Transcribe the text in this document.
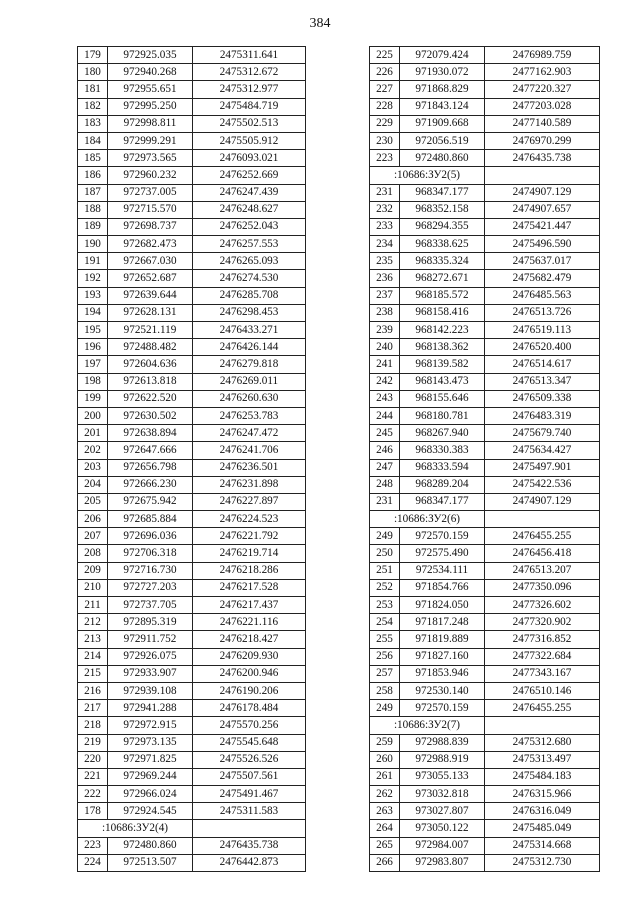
384
179	972925.035	2475311.641
180	972940.268	2475312.672
181	972955.651	2475312.977
182	972995.250	2475484.719
183	972998.811	2475502.513
184	972999.291	2475505.912
185	972973.565	2476093.021
186	972960.232	2476252.669
187	972737.005	2476247.439
188	972715.570	2476248.627
189	972698.737	2476252.043
190	972682.473	2476257.553
191	972667.030	2476265.093
192	972652.687	2476274.530
193	972639.644	2476285.708
194	972628.131	2476298.453
195	972521.119	2476433.271
196	972488.482	2476426.144
197	972604.636	2476279.818
198	972613.818	2476269.011
199	972622.520	2476260.630
200	972630.502	2476253.783
201	972638.894	2476247.472
202	972647.666	2476241.706
203	972656.798	2476236.501
204	972666.230	2476231.898
205	972675.942	2476227.897
206	972685.884	2476224.523
207	972696.036	2476221.792
208	972706.318	2476219.714
209	972716.730	2476218.286
210	972727.203	2476217.528
211	972737.705	2476217.437
212	972895.319	2476221.116
213	972911.752	2476218.427
214	972926.075	2476209.930
215	972933.907	2476200.946
216	972939.108	2476190.206
217	972941.288	2476178.484
218	972972.915	2475570.256
219	972973.135	2475545.648
220	972971.825	2475526.526
221	972969.244	2475507.561
222	972966.024	2475491.467
178	972924.545	2475311.583
:10686:ЗУ2(4)		
223	972480.860	2476435.738
224	972513.507	2476442.873
225	972079.424	2476989.759
226	971930.072	2477162.903
227	971868.829	2477220.327
228	971843.124	2477203.028
229	971909.668	2477140.589
230	972056.519	2476970.299
223	972480.860	2476435.738
:10686:ЗУ2(5)		
231	968347.177	2474907.129
232	968352.158	2474907.657
233	968294.355	2475421.447
234	968338.625	2475496.590
235	968335.324	2475637.017
236	968272.671	2475682.479
237	968185.572	2476485.563
238	968158.416	2476513.726
239	968142.223	2476519.113
240	968138.362	2476520.400
241	968139.582	2476514.617
242	968143.473	2476513.347
243	968155.646	2476509.338
244	968180.781	2476483.319
245	968267.940	2475679.740
246	968330.383	2475634.427
247	968333.594	2475497.901
248	968289.204	2475422.536
231	968347.177	2474907.129
:10686:ЗУ2(6)		
249	972570.159	2476455.255
250	972575.490	2476456.418
251	972534.111	2476513.207
252	971854.766	2477350.096
253	971824.050	2477326.602
254	971817.248	2477320.902
255	971819.889	2477316.852
256	971827.160	2477322.684
257	971853.946	2477343.167
258	972530.140	2476510.146
249	972570.159	2476455.255
:10686:ЗУ2(7)		
259	972988.839	2475312.680
260	972988.919	2475313.497
261	973055.133	2475484.183
262	973032.818	2476315.966
263	973027.807	2476316.049
264	973050.122	2475485.049
265	972984.007	2475314.668
266	972983.807	2475312.730
